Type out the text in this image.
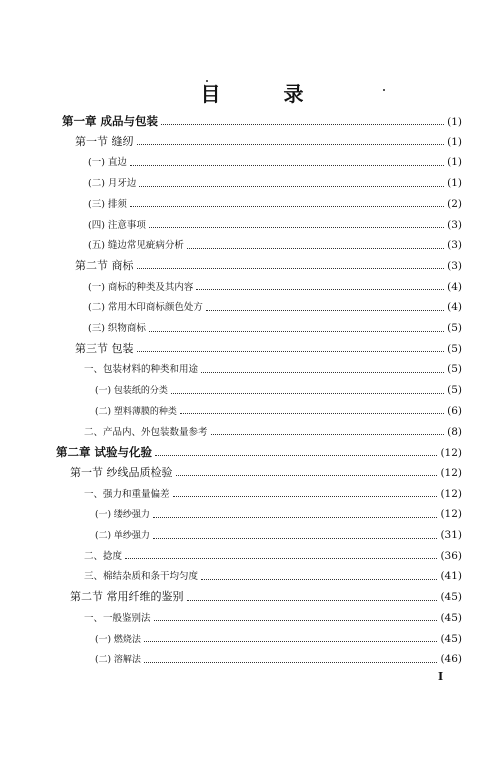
目 录
第一章 成品与包装	(1)
第一节 缝纫	(1)
(一) 直边	(1)
(二) 月牙边	(1)
(三) 排须	(2)
(四) 注意事项	(3)
(五) 缝边常见疵病分析	(3)
第二节 商标	(3)
(一) 商标的种类及其内容	(4)
(二) 常用木印商标颜色处方	(4)
(三) 织物商标	(5)
第三节 包装	(5)
一、包装材料的种类和用途	(5)
(一) 包装纸的分类	(5)
(二) 塑料薄膜的种类	(6)
二、产品内、外包装数量参考	(8)
第二章 试验与化验	(12)
第一节 纱线品质检验	(12)
一、强力和重量偏差	(12)
(一) 缕纱强力	(12)
(二) 单纱强力	(31)
二、捻度	(36)
三、棉结杂质和条干均匀度	(41)
第二节 常用纤维的鉴别	(45)
一、一般鉴别法	(45)
(一) 燃烧法	(45)
(二) 溶解法	(46)
I
